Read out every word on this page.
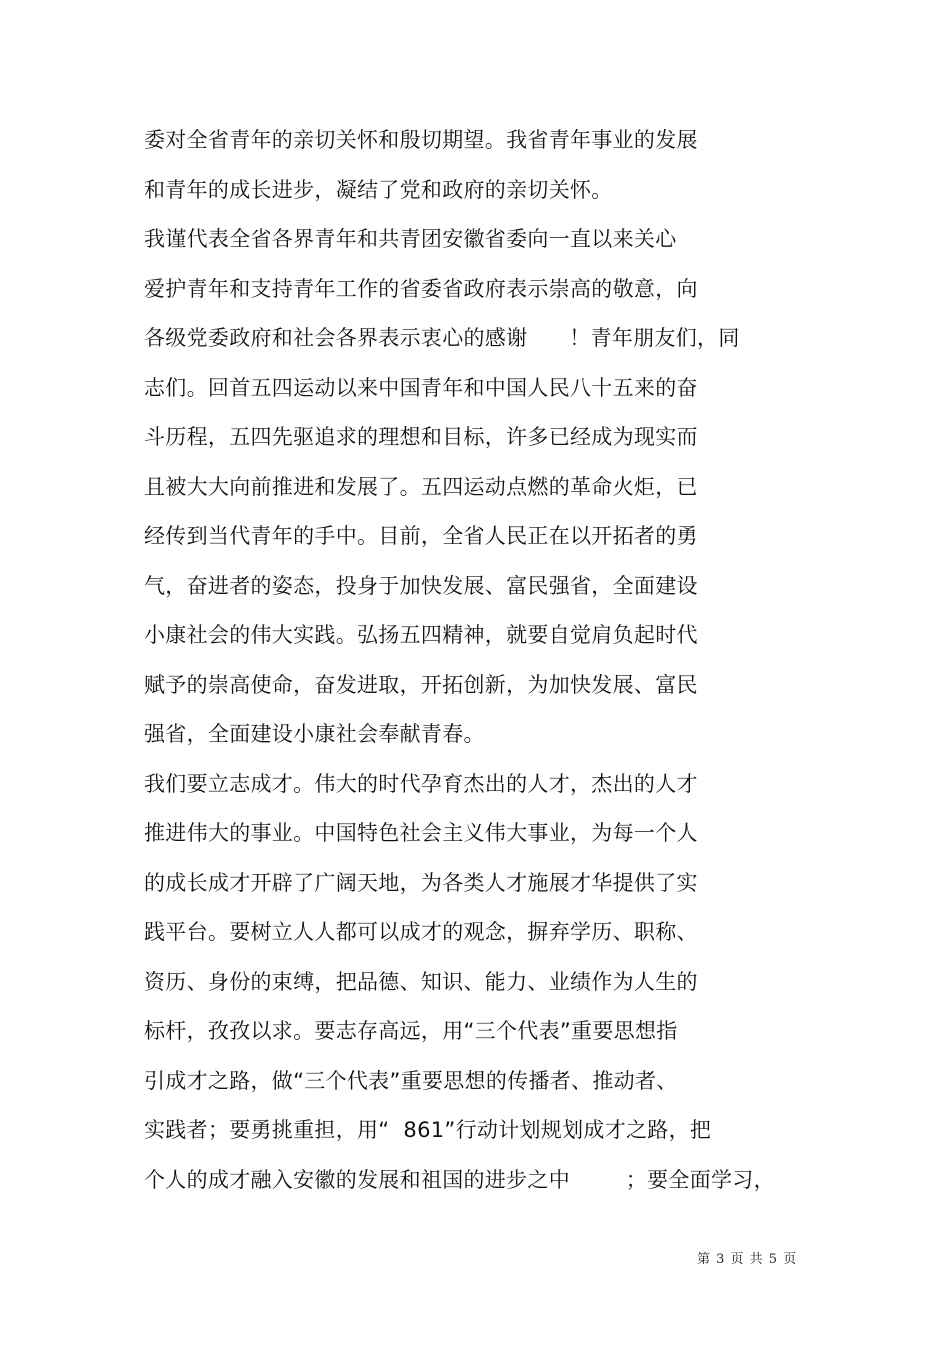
委对全省青年的亲切关怀和殷切期望。我省青年事业的发展
和青年的成长进步，凝结了党和政府的亲切关怀。
我谨代表全省各界青年和共青团安徽省委向一直以来关心
爱护青年和支持青年工作的省委省政府表示崇高的敬意，向
各级党委政府和社会各界表示衷心的感谢      ！青年朋友们，同
志们。回首五四运动以来中国青年和中国人民八十五来的奋
斗历程，五四先驱追求的理想和目标，许多已经成为现实而
且被大大向前推进和发展了。五四运动点燃的革命火炬，已
经传到当代青年的手中。目前，全省人民正在以开拓者的勇
气，奋进者的姿态，投身于加快发展、富民强省，全面建设
小康社会的伟大实践。弘扬五四精神，就要自觉肩负起时代
赋予的崇高使命，奋发进取，开拓创新，为加快发展、富民
强省，全面建设小康社会奉献青春。
我们要立志成才。伟大的时代孕育杰出的人才，杰出的人才
推进伟大的事业。中国特色社会主义伟大事业，为每一个人
的成长成才开辟了广阔天地，为各类人才施展才华提供了实
践平台。要树立人人都可以成才的观念，摒弃学历、职称、
资历、身份的束缚，把品德、知识、能力、业绩作为人生的
标杆，孜孜以求。要志存高远，用“三个代表”重要思想指
引成才之路，做“三个代表”重要思想的传播者、推动者、
实践者；要勇挑重担，用“  861”行动计划规划成才之路，把
个人的成才融入安徽的发展和祖国的进步之中        ；要全面学习，
第 3 页 共 5 页
